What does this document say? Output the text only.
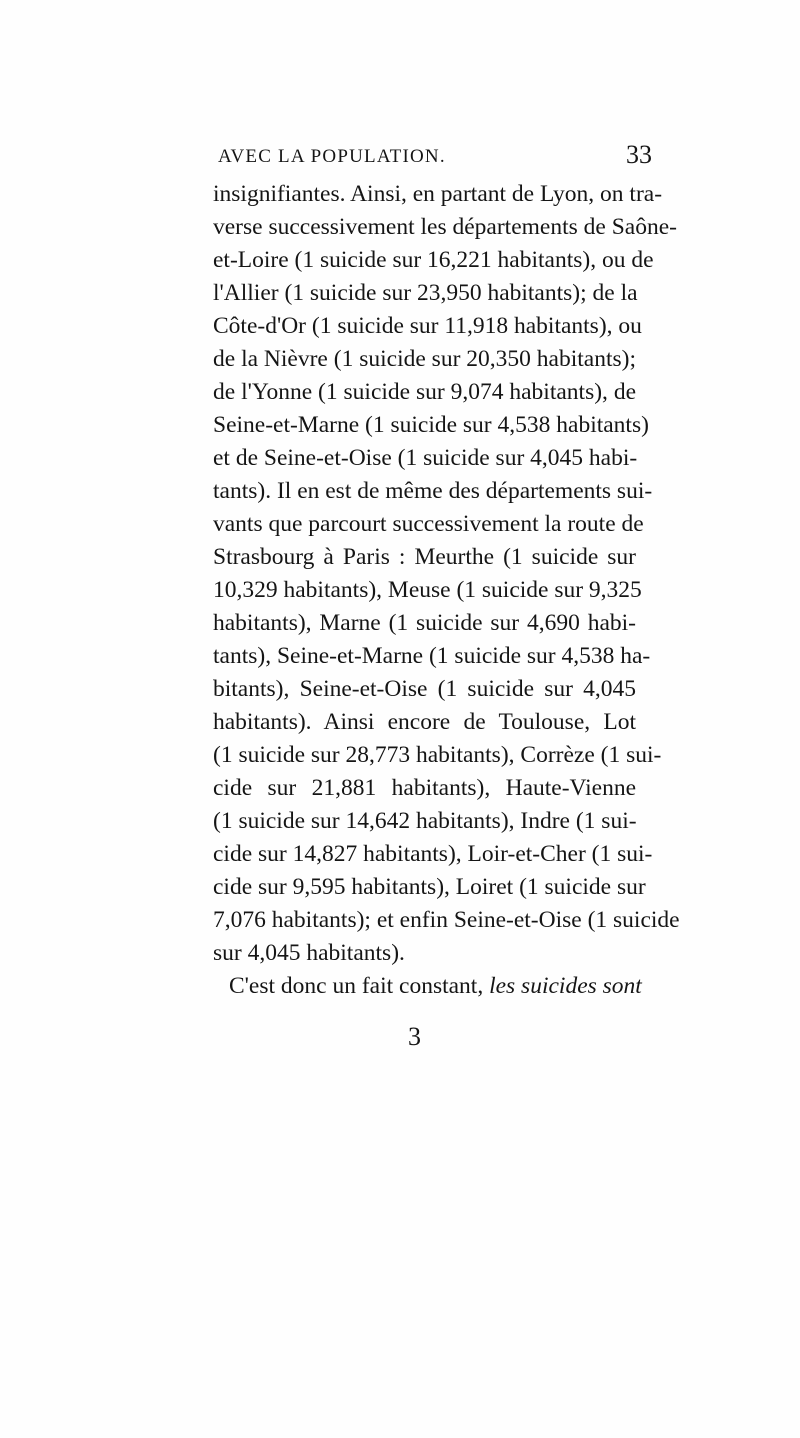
AVEC LA POPULATION.	33
insignifiantes. Ainsi, en partant de Lyon, on tra-
verse successivement les départements de Saône-
et-Loire (1 suicide sur 16,221 habitants), ou de
l'Allier (1 suicide sur 23,950 habitants); de la
Côte-d'Or (1 suicide sur 11,918 habitants), ou
de la Nièvre (1 suicide sur 20,350 habitants);
de l'Yonne (1 suicide sur 9,074 habitants), de
Seine-et-Marne (1 suicide sur 4,538 habitants)
et de Seine-et-Oise (1 suicide sur 4,045 habi-
tants). Il en est de même des départements sui-
vants que parcourt successivement la route de
Strasbourg à Paris : Meurthe (1 suicide sur
10,329 habitants), Meuse (1 suicide sur 9,325
habitants), Marne (1 suicide sur 4,690 habi-
tants), Seine-et-Marne (1 suicide sur 4,538 ha-
bitants), Seine-et-Oise (1 suicide sur 4,045
habitants). Ainsi encore de Toulouse, Lot
(1 suicide sur 28,773 habitants), Corrèze (1 sui-
cide sur 21,881 habitants), Haute-Vienne
(1 suicide sur 14,642 habitants), Indre (1 sui-
cide sur 14,827 habitants), Loir-et-Cher (1 sui-
cide sur 9,595 habitants), Loiret (1 suicide sur
7,076 habitants); et enfin Seine-et-Oise (1 suicide
sur 4,045 habitants).
C'est donc un fait constant, les suicides sont
3
